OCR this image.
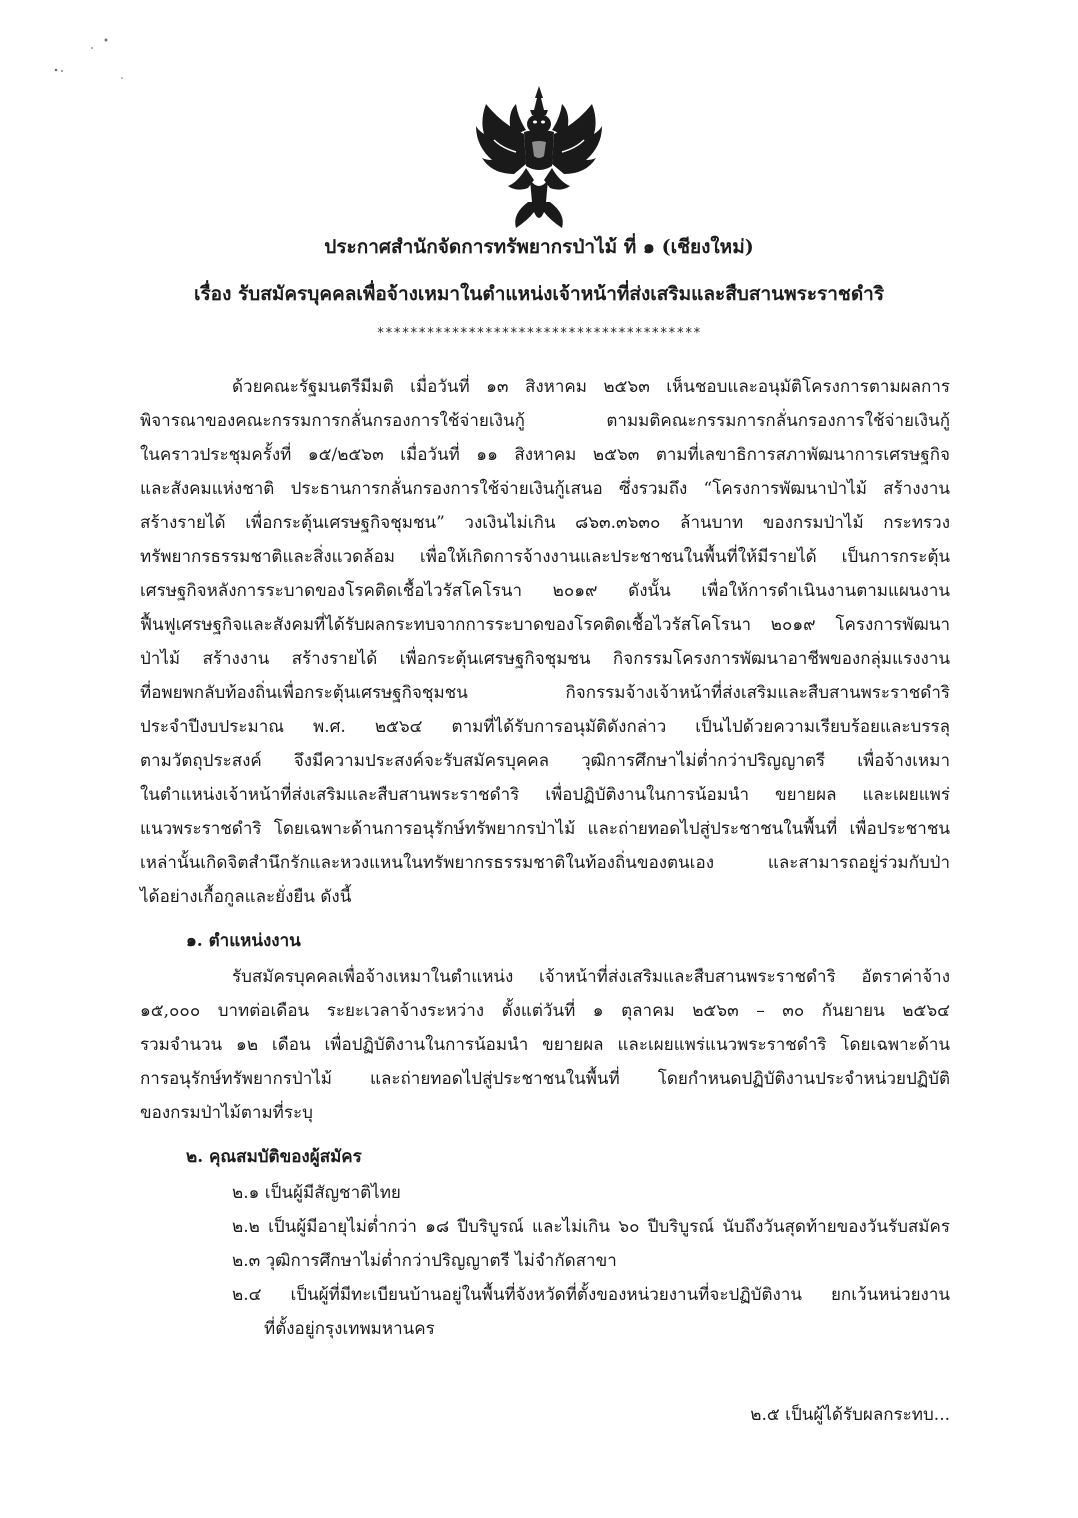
ประกาศสำนักจัดการทรัพยากรป่าไม้ ที่ ๑ (เชียงใหม่)
เรื่อง รับสมัครบุคคลเพื่อจ้างเหมาในตำแหน่งเจ้าหน้าที่ส่งเสริมและสืบสานพระราชดำริ
***************************************
ด้วยคณะรัฐมนตรีมีมติ เมื่อวันที่ ๑๓ สิงหาคม ๒๕๖๓ เห็นชอบและอนุมัติโครงการตามผลการ
พิจารณาของคณะกรรมการกลั่นกรองการใช้จ่ายเงินกู้ ตามมติคณะกรรมการกลั่นกรองการใช้จ่ายเงินกู้
ในคราวประชุมครั้งที่ ๑๕/๒๕๖๓ เมื่อวันที่ ๑๑ สิงหาคม ๒๕๖๓ ตามที่เลขาธิการสภาพัฒนาการเศรษฐกิจ
และสังคมแห่งชาติ ประธานการกลั่นกรองการใช้จ่ายเงินกู้เสนอ ซึ่งรวมถึง “โครงการพัฒนาป่าไม้ สร้างงาน
สร้างรายได้ เพื่อกระตุ้นเศรษฐกิจชุมชน” วงเงินไม่เกิน ๘๖๓.๓๖๓๐ ล้านบาท ของกรมป่าไม้ กระทรวง
ทรัพยากรธรรมชาติและสิ่งแวดล้อม เพื่อให้เกิดการจ้างงานและประชาชนในพื้นที่ให้มีรายได้ เป็นการกระตุ้น
เศรษฐกิจหลังการระบาดของโรคติดเชื้อไวรัสโคโรนา ๒๐๑๙ ดังนั้น เพื่อให้การดำเนินงานตามแผนงาน
ฟื้นฟูเศรษฐกิจและสังคมที่ได้รับผลกระทบจากการระบาดของโรคติดเชื้อไวรัสโคโรนา ๒๐๑๙ โครงการพัฒนา
ป่าไม้ สร้างงาน สร้างรายได้ เพื่อกระตุ้นเศรษฐกิจชุมชน กิจกรรมโครงการพัฒนาอาชีพของกลุ่มแรงงาน
ที่อพยพกลับท้องถิ่นเพื่อกระตุ้นเศรษฐกิจชุมชน กิจกรรมจ้างเจ้าหน้าที่ส่งเสริมและสืบสานพระราชดำริ
ประจำปีงบประมาณ พ.ศ. ๒๕๖๔ ตามที่ได้รับการอนุมัติดังกล่าว เป็นไปด้วยความเรียบร้อยและบรรลุ
ตามวัตถุประสงค์ จึงมีความประสงค์จะรับสมัครบุคคล วุฒิการศึกษาไม่ต่ำกว่าปริญญาตรี เพื่อจ้างเหมา
ในตำแหน่งเจ้าหน้าที่ส่งเสริมและสืบสานพระราชดำริ เพื่อปฏิบัติงานในการน้อมนำ ขยายผล และเผยแพร่
แนวพระราชดำริ โดยเฉพาะด้านการอนุรักษ์ทรัพยากรป่าไม้ และถ่ายทอดไปสู่ประชาชนในพื้นที่ เพื่อประชาชน
เหล่านั้นเกิดจิตสำนึกรักและหวงแหนในทรัพยากรธรรมชาติในท้องถิ่นของตนเอง และสามารถอยู่ร่วมกับป่า
ได้อย่างเกื้อกูลและยั่งยืน ดังนี้
๑. ตำแหน่งงาน
รับสมัครบุคคลเพื่อจ้างเหมาในตำแหน่ง เจ้าหน้าที่ส่งเสริมและสืบสานพระราชดำริ อัตราค่าจ้าง
๑๕,๐๐๐ บาทต่อเดือน ระยะเวลาจ้างระหว่าง ตั้งแต่วันที่ ๑ ตุลาคม ๒๕๖๓ – ๓๐ กันยายน ๒๕๖๔
รวมจำนวน ๑๒ เดือน เพื่อปฏิบัติงานในการน้อมนำ ขยายผล และเผยแพร่แนวพระราชดำริ โดยเฉพาะด้าน
การอนุรักษ์ทรัพยากรป่าไม้ และถ่ายทอดไปสู่ประชาชนในพื้นที่ โดยกำหนดปฏิบัติงานประจำหน่วยปฏิบัติ
ของกรมป่าไม้ตามที่ระบุ
๒. คุณสมบัติของผู้สมัคร
๒.๑ เป็นผู้มีสัญชาติไทย
๒.๒ เป็นผู้มีอายุไม่ต่ำกว่า ๑๘ ปีบริบูรณ์ และไม่เกิน ๖๐ ปีบริบูรณ์ นับถึงวันสุดท้ายของวันรับสมัคร
๒.๓ วุฒิการศึกษาไม่ต่ำกว่าปริญญาตรี ไม่จำกัดสาขา
๒.๔ เป็นผู้ที่มีทะเบียนบ้านอยู่ในพื้นที่จังหวัดที่ตั้งของหน่วยงานที่จะปฏิบัติงาน ยกเว้นหน่วยงาน
ที่ตั้งอยู่กรุงเทพมหานคร
๒.๕ เป็นผู้ได้รับผลกระทบ...
